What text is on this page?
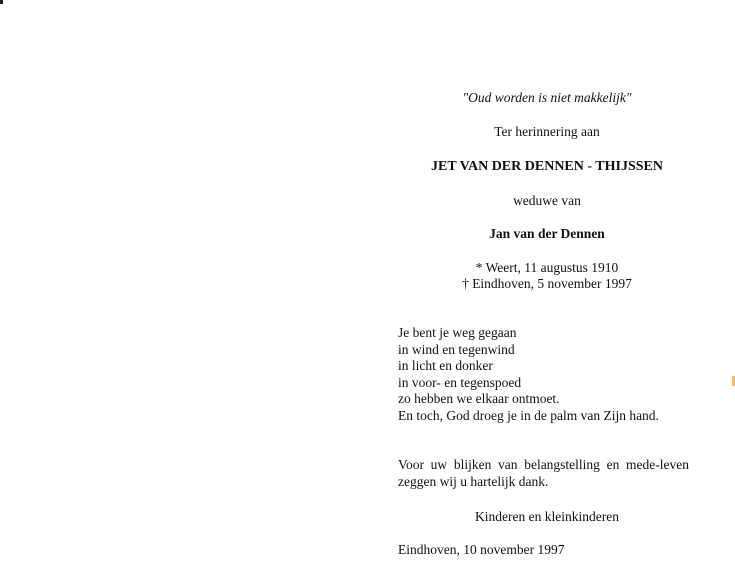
"Oud worden is niet makkelijk"
Ter herinnering aan
JET VAN DER DENNEN - THIJSSEN
weduwe van
Jan van der Dennen
* Weert, 11 augustus 1910
† Eindhoven, 5 november 1997
Je bent je weg gegaan
in wind en tegenwind
in licht en donker
in voor- en tegenspoed
zo hebben we elkaar ontmoet.
En toch, God droeg je in de palm van Zijn hand.
Voor uw blijken van belangstelling en mede-leven zeggen wij u hartelijk dank.
Kinderen en kleinkinderen
Eindhoven, 10 november 1997
